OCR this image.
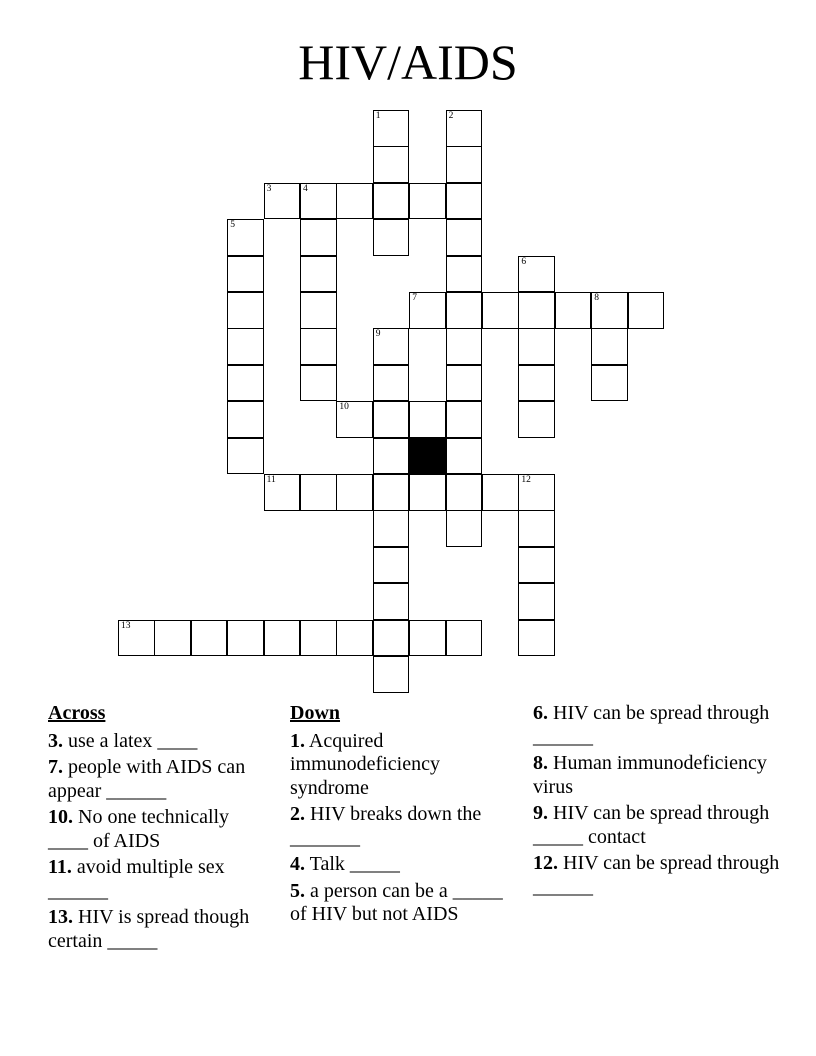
HIV/AIDS
1	2
3	4
5
6
7	8
9
10
11	12
13
Across
3. use a latex ____
7. people with AIDS can appear ______
10. No one technically ____ of AIDS
11. avoid multiple sex ______
13. HIV is spread though certain _____
Down
1. Acquired immunodeficiency syndrome
2. HIV breaks down the _______
4. Talk _____
5. a person can be a _____ of HIV but not AIDS
6. HIV can be spread through ______
8. Human immunodeficiency virus
9. HIV can be spread through _____ contact
12. HIV can be spread through ______
